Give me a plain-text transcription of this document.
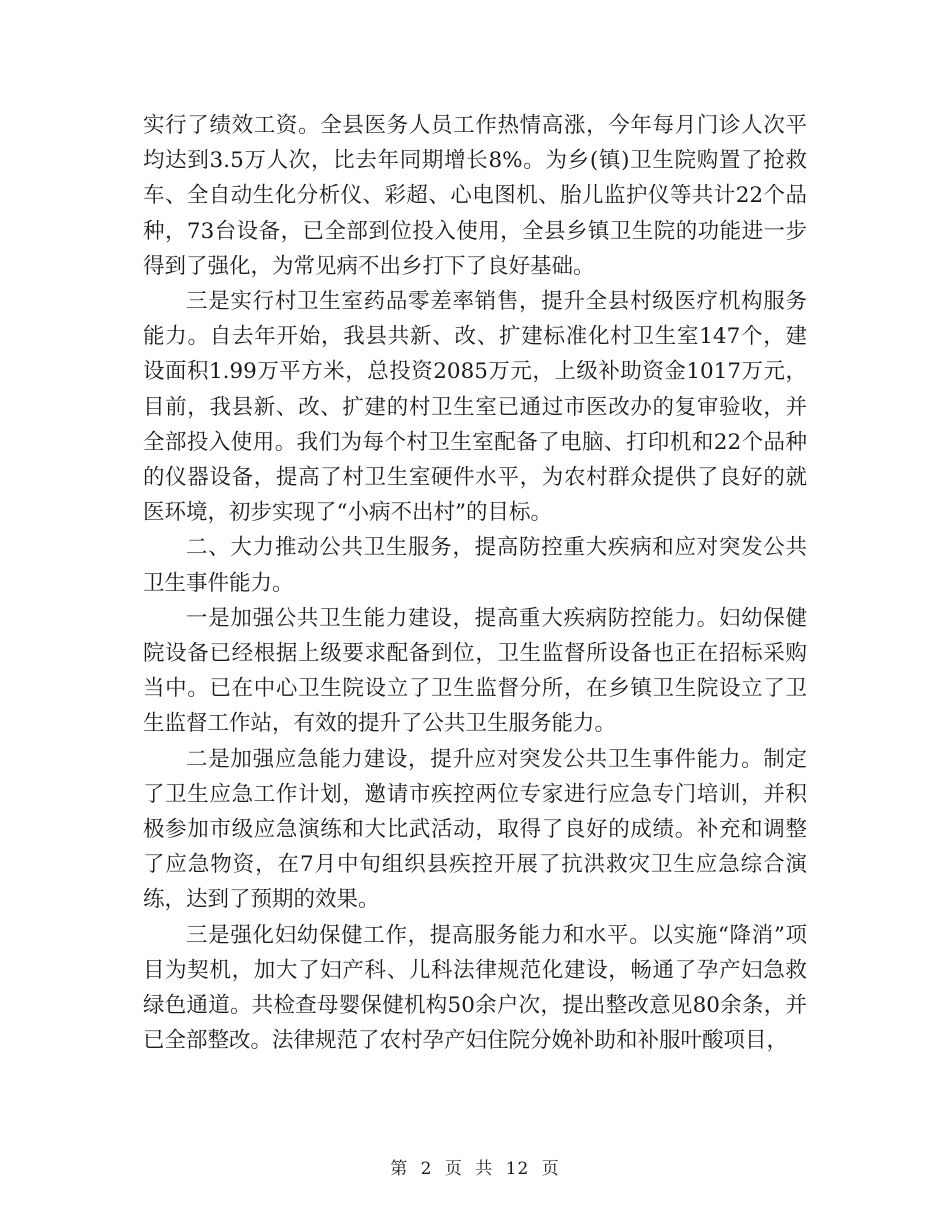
实行了绩效工资。全县医务人员工作热情高涨，今年每月门诊人次平均达到3.5万人次，比去年同期增长8%。为乡(镇)卫生院购置了抢救车、全自动生化分析仪、彩超、心电图机、胎儿监护仪等共计22个品种，73台设备，已全部到位投入使用，全县乡镇卫生院的功能进一步得到了强化，为常见病不出乡打下了良好基础。

三是实行村卫生室药品零差率销售，提升全县村级医疗机构服务能力。自去年开始，我县共新、改、扩建标准化村卫生室147个，建设面积1.99万平方米，总投资2085万元，上级补助资金1017万元，目前，我县新、改、扩建的村卫生室已通过市医改办的复审验收，并全部投入使用。我们为每个村卫生室配备了电脑、打印机和22个品种的仪器设备，提高了村卫生室硬件水平，为农村群众提供了良好的就医环境，初步实现了“小病不出村”的目标。

二、大力推动公共卫生服务，提高防控重大疾病和应对突发公共卫生事件能力。

一是加强公共卫生能力建设，提高重大疾病防控能力。妇幼保健院设备已经根据上级要求配备到位，卫生监督所设备也正在招标采购当中。已在中心卫生院设立了卫生监督分所，在乡镇卫生院设立了卫生监督工作站，有效的提升了公共卫生服务能力。

二是加强应急能力建设，提升应对突发公共卫生事件能力。制定了卫生应急工作计划，邀请市疾控两位专家进行应急专门培训，并积极参加市级应急演练和大比武活动，取得了良好的成绩。补充和调整了应急物资，在7月中旬组织县疾控开展了抗洪救灾卫生应急综合演练，达到了预期的效果。

三是强化妇幼保健工作，提高服务能力和水平。以实施“降消”项目为契机，加大了妇产科、儿科法律规范化建设，畅通了孕产妇急救绿色通道。共检查母婴保健机构50余户次，提出整改意见80余条，并已全部整改。法律规范了农村孕产妇住院分娩补助和补服叶酸项目，

第 2 页 共 12 页
